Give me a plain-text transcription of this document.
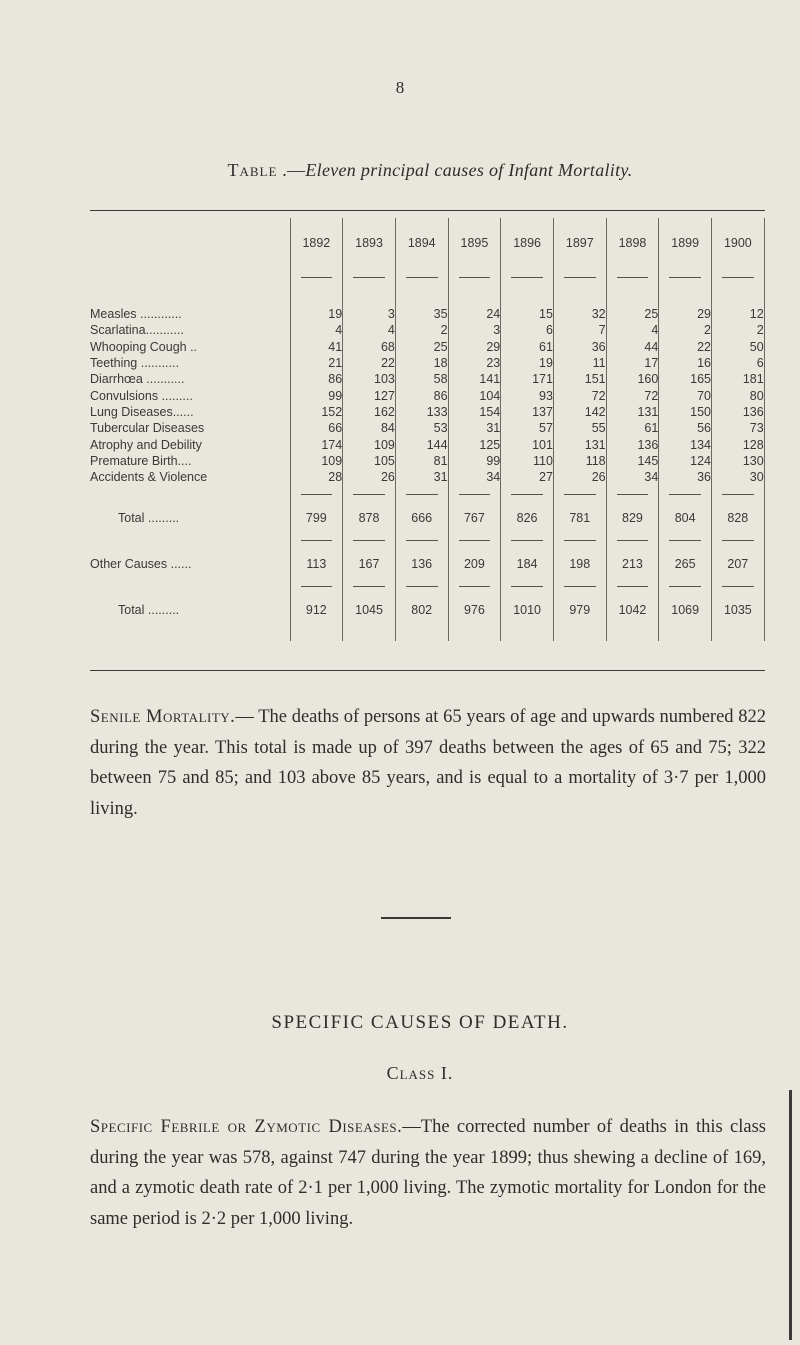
8
Table .—Eleven principal causes of Infant Mortality.
	1892	1893	1894	1895	1896	1897	1898	1899	1900

Measles ............	19	3	35	24	15	32	25	29	12
Scarlatina...........	4	4	2	3	6	7	4	2	2
Whooping Cough ..	41	68	25	29	61	36	44	22	50
Teething ...........	21	22	18	23	19	11	17	16	6
Diarrhœa ...........	86	103	58	141	171	151	160	165	181
Convulsions .........	99	127	86	104	93	72	72	70	80
Lung Diseases......	152	162	133	154	137	142	131	150	136
Tubercular Diseases	66	84	53	31	57	55	61	56	73
Atrophy and Debility	174	109	144	125	101	131	136	134	128
Premature Birth....	109	105	81	99	110	118	145	124	130
Accidents & Violence	28	26	31	34	27	26	34	36	30

Total .........	799	878	666	767	826	781	829	804	828

Other Causes ......	113	167	136	209	184	198	213	265	207

Total .........	912	1045	802	976	1010	979	1042	1069	1035

Senile Mortality.— The deaths of persons at 65 years of age and upwards numbered 822 during the year. This total is made up of 397 deaths between the ages of 65 and 75; 322 between 75 and 85; and 103 above 85 years, and is equal to a mortality of 3·7 per 1,000 living.
SPECIFIC CAUSES OF DEATH.
Class I.
Specific Febrile or Zymotic Diseases.—The corrected number of deaths in this class during the year was 578, against 747 during the year 1899; thus shewing a decline of 169, and a zymotic death rate of 2·1 per 1,000 living. The zymotic mortality for London for the same period is 2·2 per 1,000 living.
